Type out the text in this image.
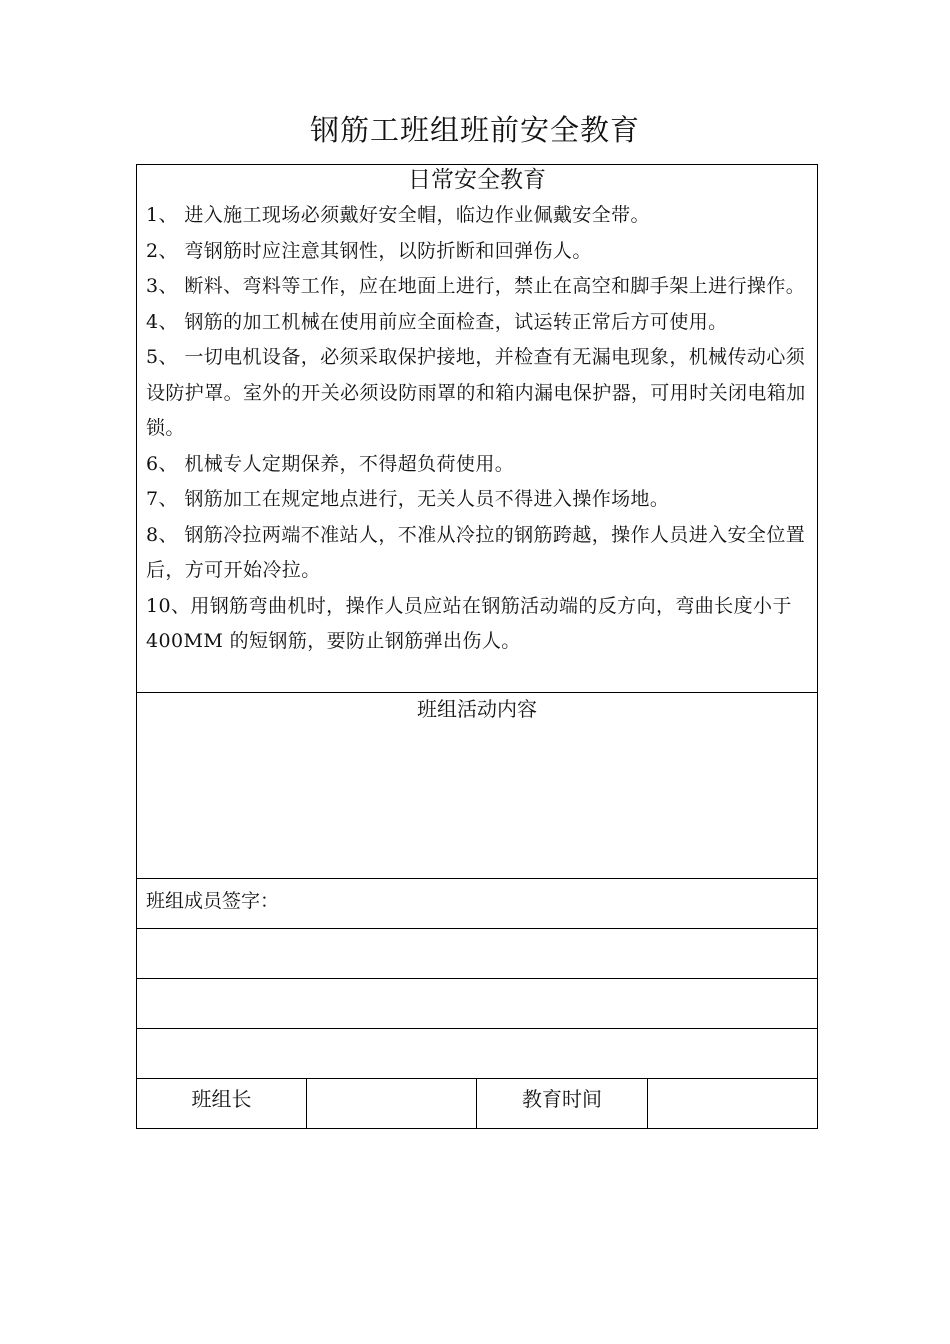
钢筋工班组班前安全教育
日常安全教育
1、 进入施工现场必须戴好安全帽，临边作业佩戴安全带。
2、 弯钢筋时应注意其钢性，以防折断和回弹伤人。
3、 断料、弯料等工作，应在地面上进行，禁止在高空和脚手架上进行操作。
4、 钢筋的加工机械在使用前应全面检查，试运转正常后方可使用。
5、 一切电机设备，必须采取保护接地，并检查有无漏电现象，机械传动心须设防护罩。室外的开关必须设防雨罩的和箱内漏电保护器，可用时关闭电箱加锁。
6、 机械专人定期保养，不得超负荷使用。
7、 钢筋加工在规定地点进行，无关人员不得进入操作场地。
8、 钢筋冷拉两端不准站人，不准从冷拉的钢筋跨越，操作人员进入安全位置后，方可开始冷拉。
10、用钢筋弯曲机时，操作人员应站在钢筋活动端的反方向，弯曲长度小于 400MM 的短钢筋，要防止钢筋弹出伤人。

班组活动内容

班组成员签字：

班组长		教育时间
